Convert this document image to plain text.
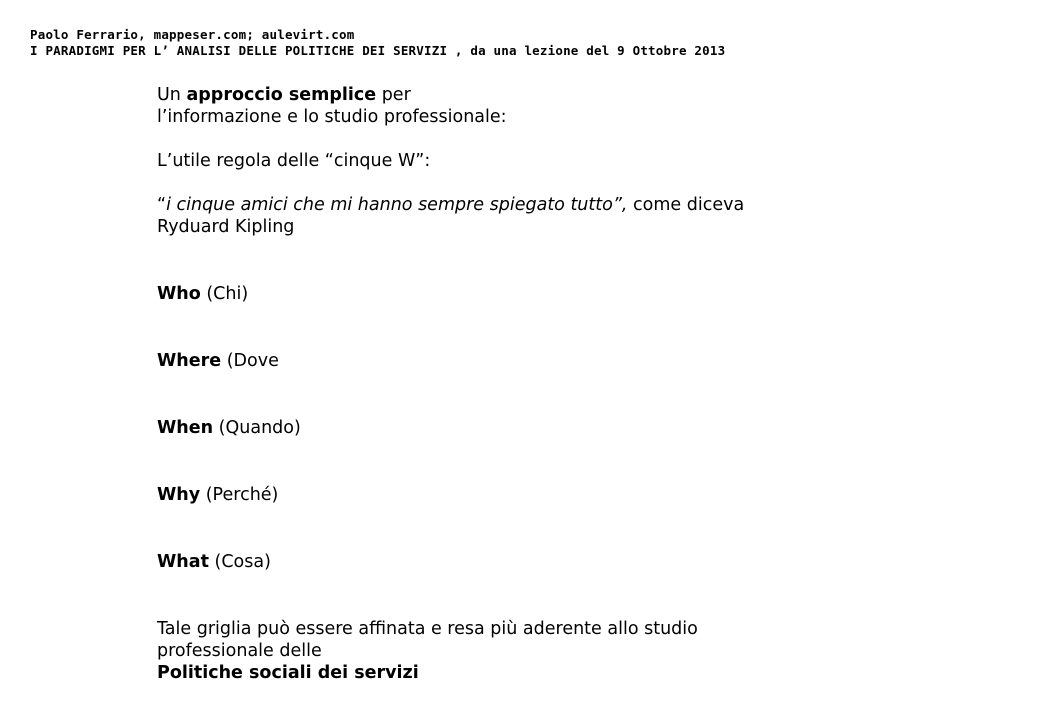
Paolo Ferrario, mappeser.com; aulevirt.com
I PARADIGMI PER L’ ANALISI DELLE POLITICHE DEI SERVIZI , da una lezione del 9 Ottobre 2013

Un approccio semplice per

l’informazione e lo studio professionale:

L’utile regola delle “cinque W”:

“i cinque amici che mi hanno sempre spiegato tutto”, come diceva

Ryduard Kipling

Who (Chi)

Where (Dove

When (Quando)

Why (Perché)

What (Cosa)

Tale griglia può essere affinata e resa più aderente allo studio

professionale delle

Politiche sociali dei servizi
